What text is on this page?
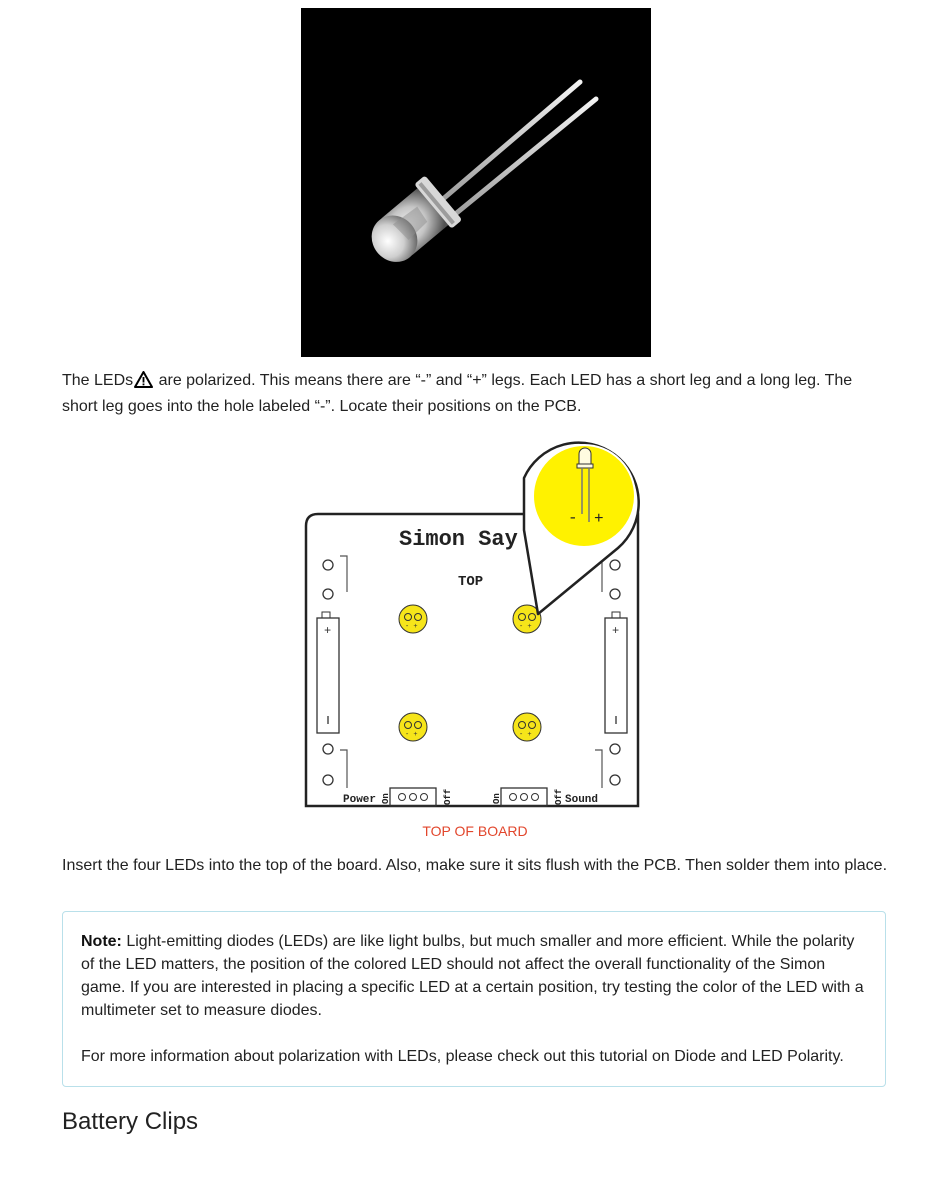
The LEDs are polarized. This means there are “-” and “+” legs. Each LED has a short leg and a long leg. The short leg goes into the hole labeled “-”. Locate their positions on the PCB.

Simon Say
TOP
+	+
- +	- +
- +	- +
Power On	Off	On	Off Sound
- +
TOP OF BOARD

Insert the four LEDs into the top of the board. Also, make sure it sits flush with the PCB. Then solder them into place.

Note: Light-emitting diodes (LEDs) are like light bulbs, but much smaller and more efficient. While the polarity of the LED matters, the position of the colored LED should not affect the overall functionality of the Simon game. If you are interested in placing a specific LED at a certain position, try testing the color of the LED with a multimeter set to measure diodes.

For more information about polarization with LEDs, please check out this tutorial on Diode and LED Polarity.

Battery Clips
